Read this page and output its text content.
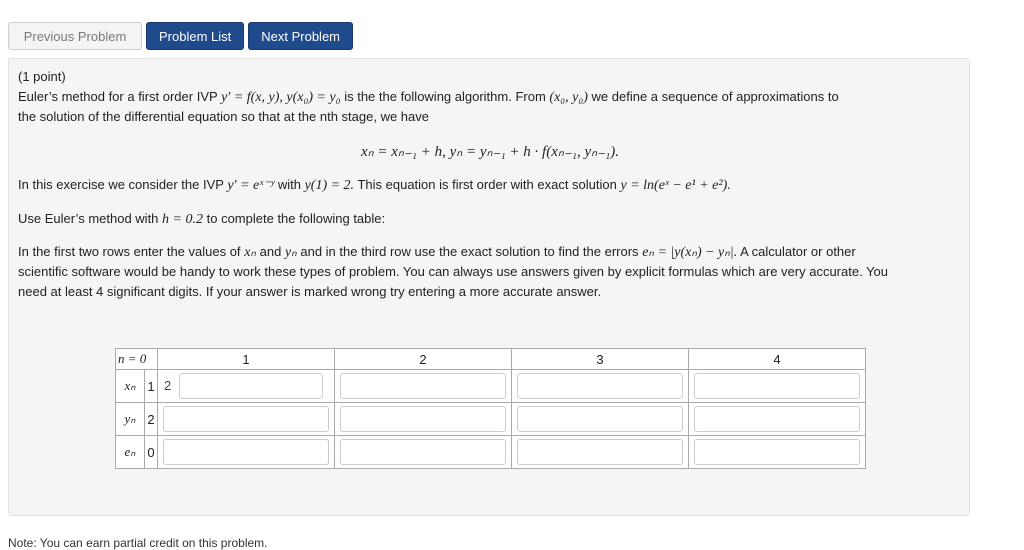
Previous Problem	Problem List	Next Problem
(1 point)
Euler’s method for a first order IVP y′ = f(x, y), y(x₀) = y₀ is the the following algorithm. From (x₀, y₀) we define a sequence of approximations to
the solution of the differential equation so that at the nth stage, we have
xₙ = xₙ₋₁ + h, yₙ = yₙ₋₁ + h · f(xₙ₋₁, yₙ₋₁).
In this exercise we consider the IVP y′ = eˣ⁻ʸ with y(1) = 2. This equation is first order with exact solution y = ln(eˣ − e¹ + e²).
Use Euler’s method with h = 0.2 to complete the following table:
In the first two rows enter the values of xₙ and yₙ and in the third row use the exact solution to find the errors eₙ = |y(xₙ) − yₙ|. A calculator or other
scientific software would be handy to work these types of problem. You can always use answers given by explicit formulas which are very accurate. You
need at least 4 significant digits. If your answer is marked wrong try entering a more accurate answer.
n = 0		1	2	3	4
xₙ	1	2			
yₙ	2				
eₙ	0				
Note: You can earn partial credit on this problem.
